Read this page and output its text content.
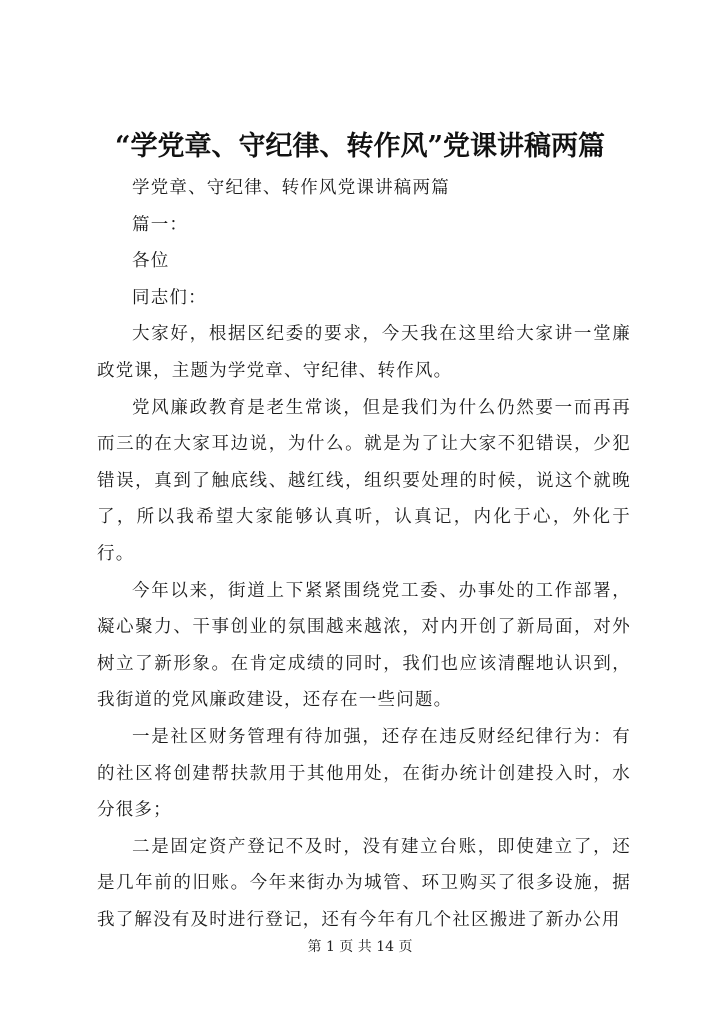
“学党章、守纪律、转作风”党课讲稿两篇

学党章、守纪律、转作风党课讲稿两篇

篇一：

各位

同志们：

大家好，根据区纪委的要求，今天我在这里给大家讲一堂廉政党课，主题为学党章、守纪律、转作风。

党风廉政教育是老生常谈，但是我们为什么仍然要一而再再而三的在大家耳边说，为什么。就是为了让大家不犯错误，少犯错误，真到了触底线、越红线，组织要处理的时候，说这个就晚了，所以我希望大家能够认真听，认真记，内化于心，外化于行。

今年以来，街道上下紧紧围绕党工委、办事处的工作部署，凝心聚力、干事创业的氛围越来越浓，对内开创了新局面，对外树立了新形象。在肯定成绩的同时，我们也应该清醒地认识到，我街道的党风廉政建设，还存在一些问题。

一是社区财务管理有待加强，还存在违反财经纪律行为：有的社区将创建帮扶款用于其他用处，在街办统计创建投入时，水分很多；

二是固定资产登记不及时，没有建立台账，即使建立了，还是几年前的旧账。今年来街办为城管、环卫购买了很多设施，据我了解没有及时进行登记，还有今年有几个社区搬进了新办公用

第 1 页 共 14 页
